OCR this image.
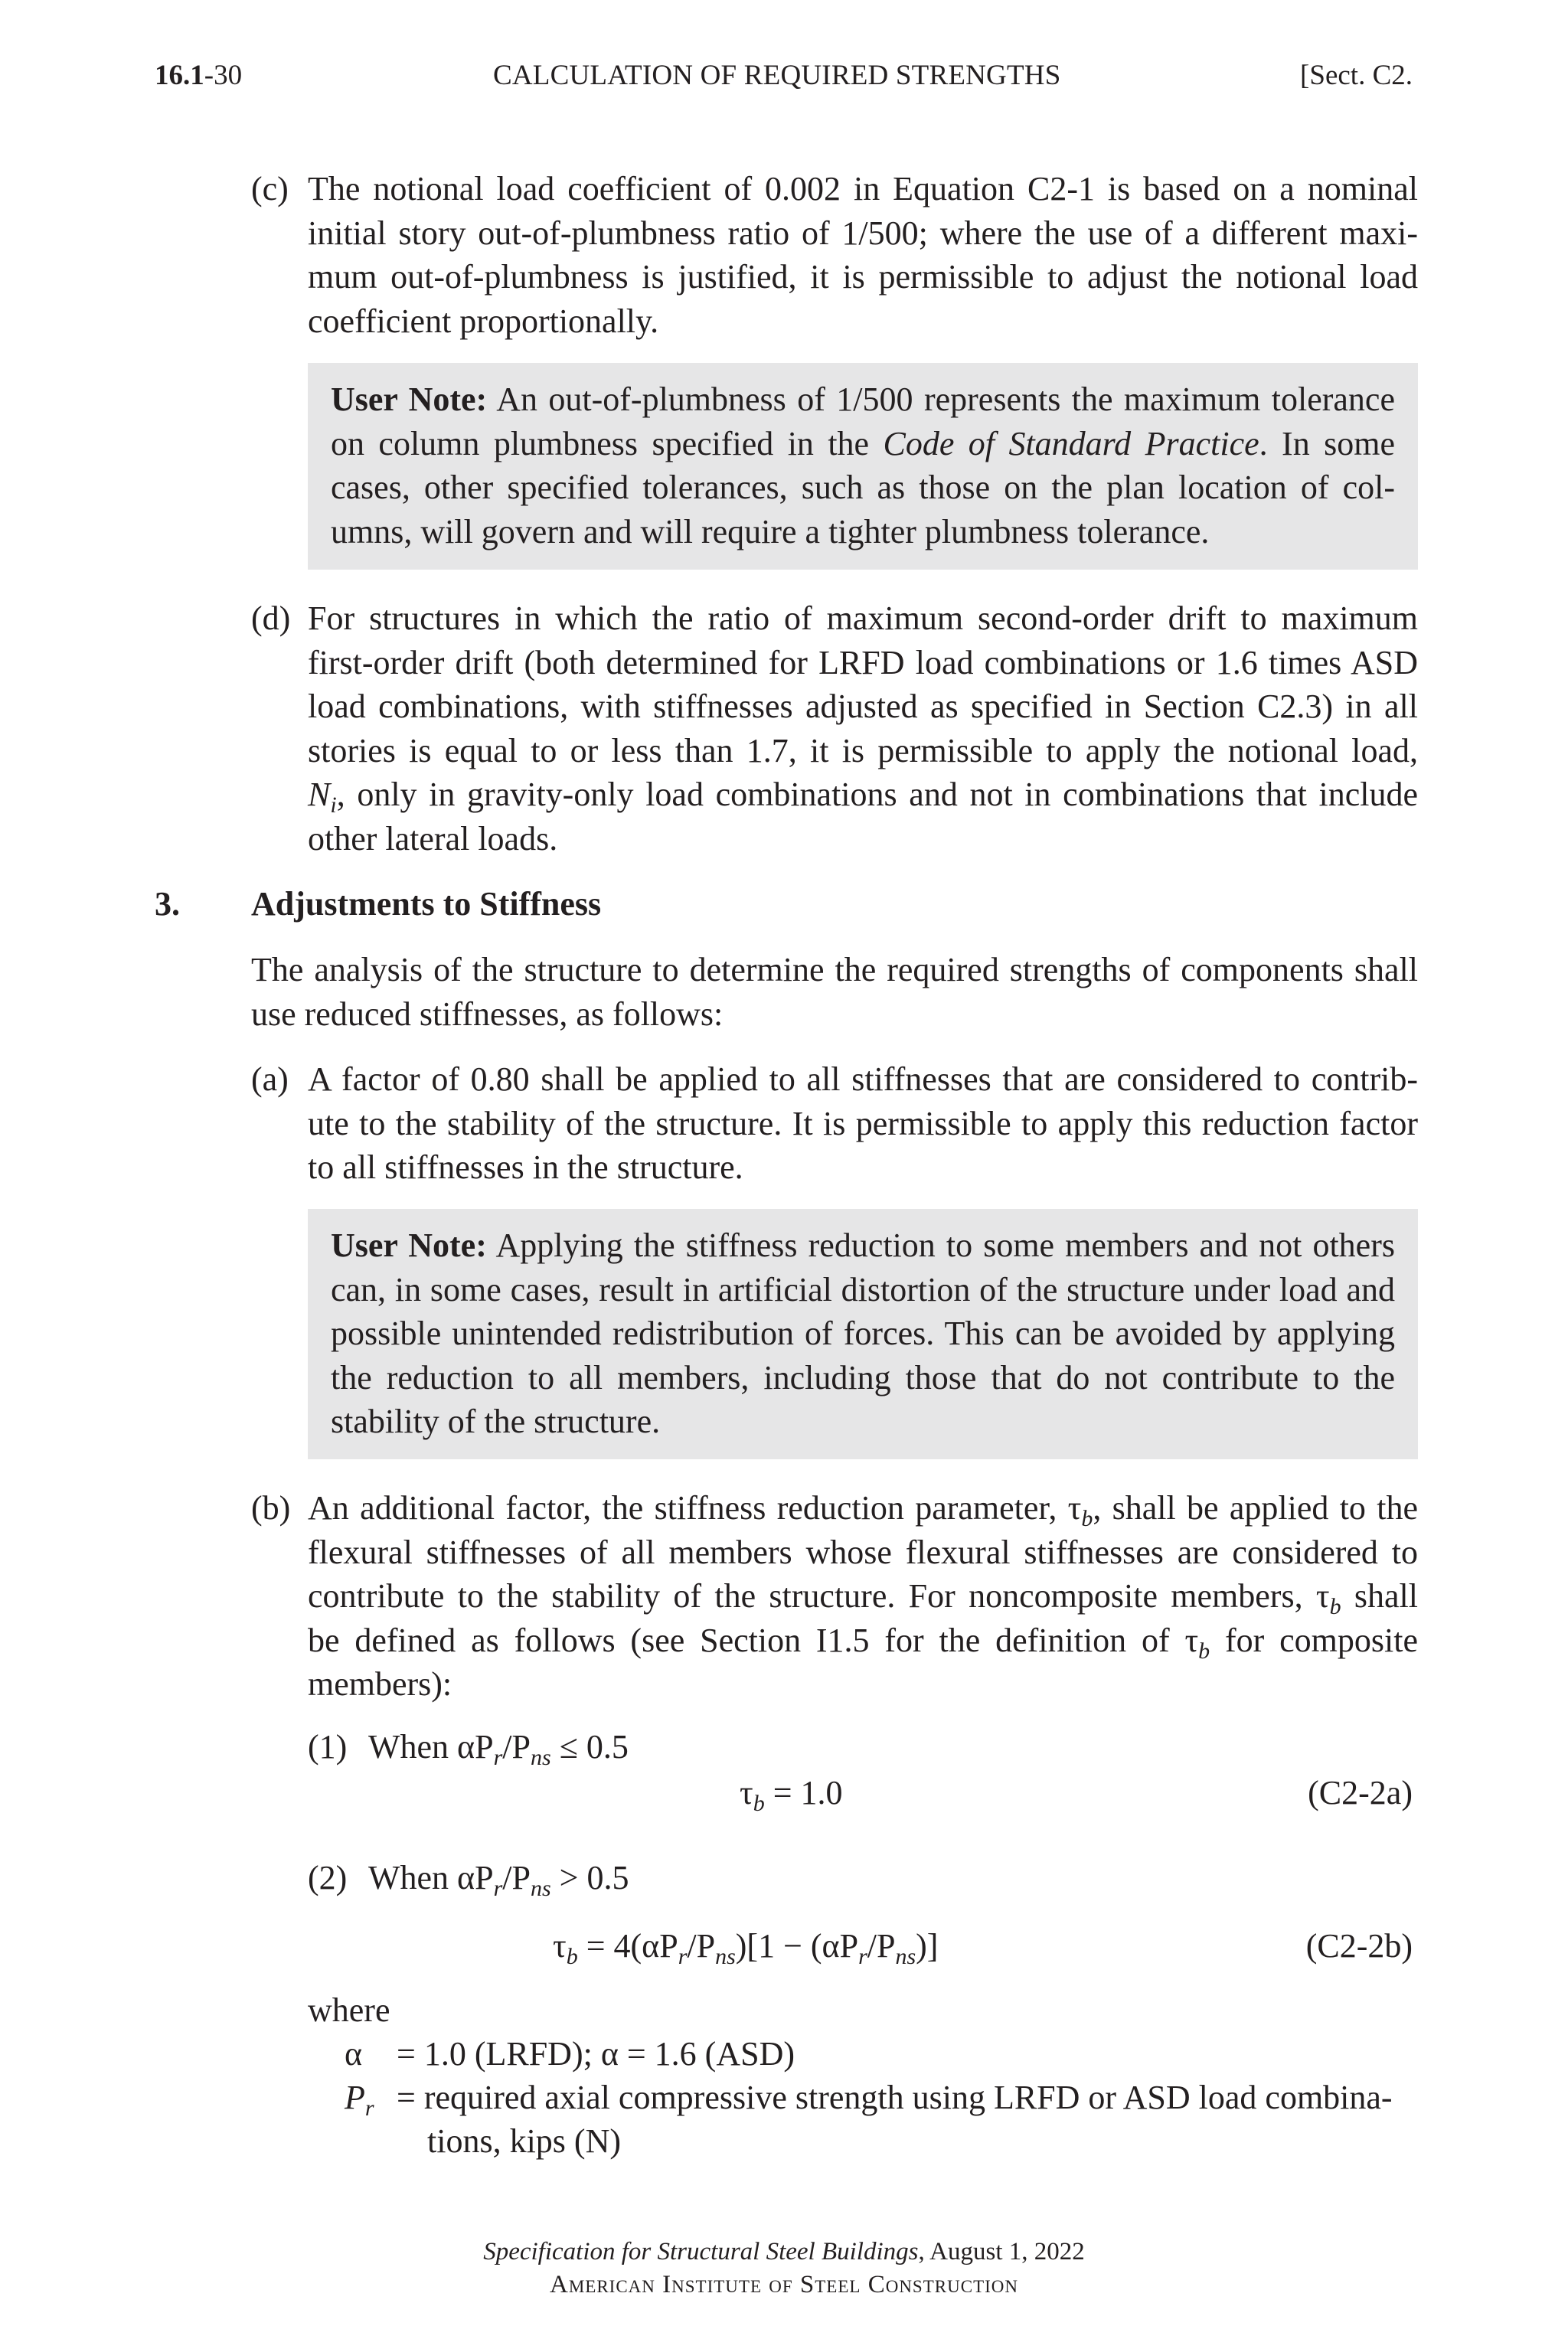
16.1-30	CALCULATION OF REQUIRED STRENGTHS	[Sect. C2.
(c) The notional load coefficient of 0.002 in Equation C2-1 is based on a nominal
initial story out-of-plumbness ratio of 1/500; where the use of a different maxi-
mum out-of-plumbness is justified, it is permissible to adjust the notional load
coefficient proportionally.
User Note: An out-of-plumbness of 1/500 represents the maximum tolerance
on column plumbness specified in the Code of Standard Practice. In some
cases, other specified tolerances, such as those on the plan location of col-
umns, will govern and will require a tighter plumbness tolerance.
(d) For structures in which the ratio of maximum second-order drift to maximum
first-order drift (both determined for LRFD load combinations or 1.6 times ASD
load combinations, with stiffnesses adjusted as specified in Section C2.3) in all
stories is equal to or less than 1.7, it is permissible to apply the notional load,
$N_i$, only in gravity-only load combinations and not in combinations that include
other lateral loads.
3. Adjustments to Stiffness
The analysis of the structure to determine the required strengths of components shall
use reduced stiffnesses, as follows:
(a) A factor of 0.80 shall be applied to all stiffnesses that are considered to contrib-
ute to the stability of the structure. It is permissible to apply this reduction factor
to all stiffnesses in the structure.
User Note: Applying the stiffness reduction to some members and not others
can, in some cases, result in artificial distortion of the structure under load and
possible unintended redistribution of forces. This can be avoided by applying
the reduction to all members, including those that do not contribute to the
stability of the structure.
(b) An additional factor, the stiffness reduction parameter, $\tau_b$, shall be applied to the
flexural stiffnesses of all members whose flexural stiffnesses are considered to
contribute to the stability of the structure. For noncomposite members, $\tau_b$ shall
be defined as follows (see Section I1.5 for the definition of $\tau_b$ for composite
members):
(1) When $\alpha P_r/P_{ns} \le 0.5$
$\tau_b = 1.0$	(C2-2a)
(2) When $\alpha P_r/P_{ns} > 0.5$
$\tau_b = 4(\alpha P_r/P_{ns})[1 - (\alpha P_r/P_{ns})]$	(C2-2b)
where
α = 1.0 (LRFD); α = 1.6 (ASD)
$P_r$ = required axial compressive strength using LRFD or ASD load combina-
tions, kips (N)
Specification for Structural Steel Buildings, August 1, 2022
American Institute of Steel Construction
